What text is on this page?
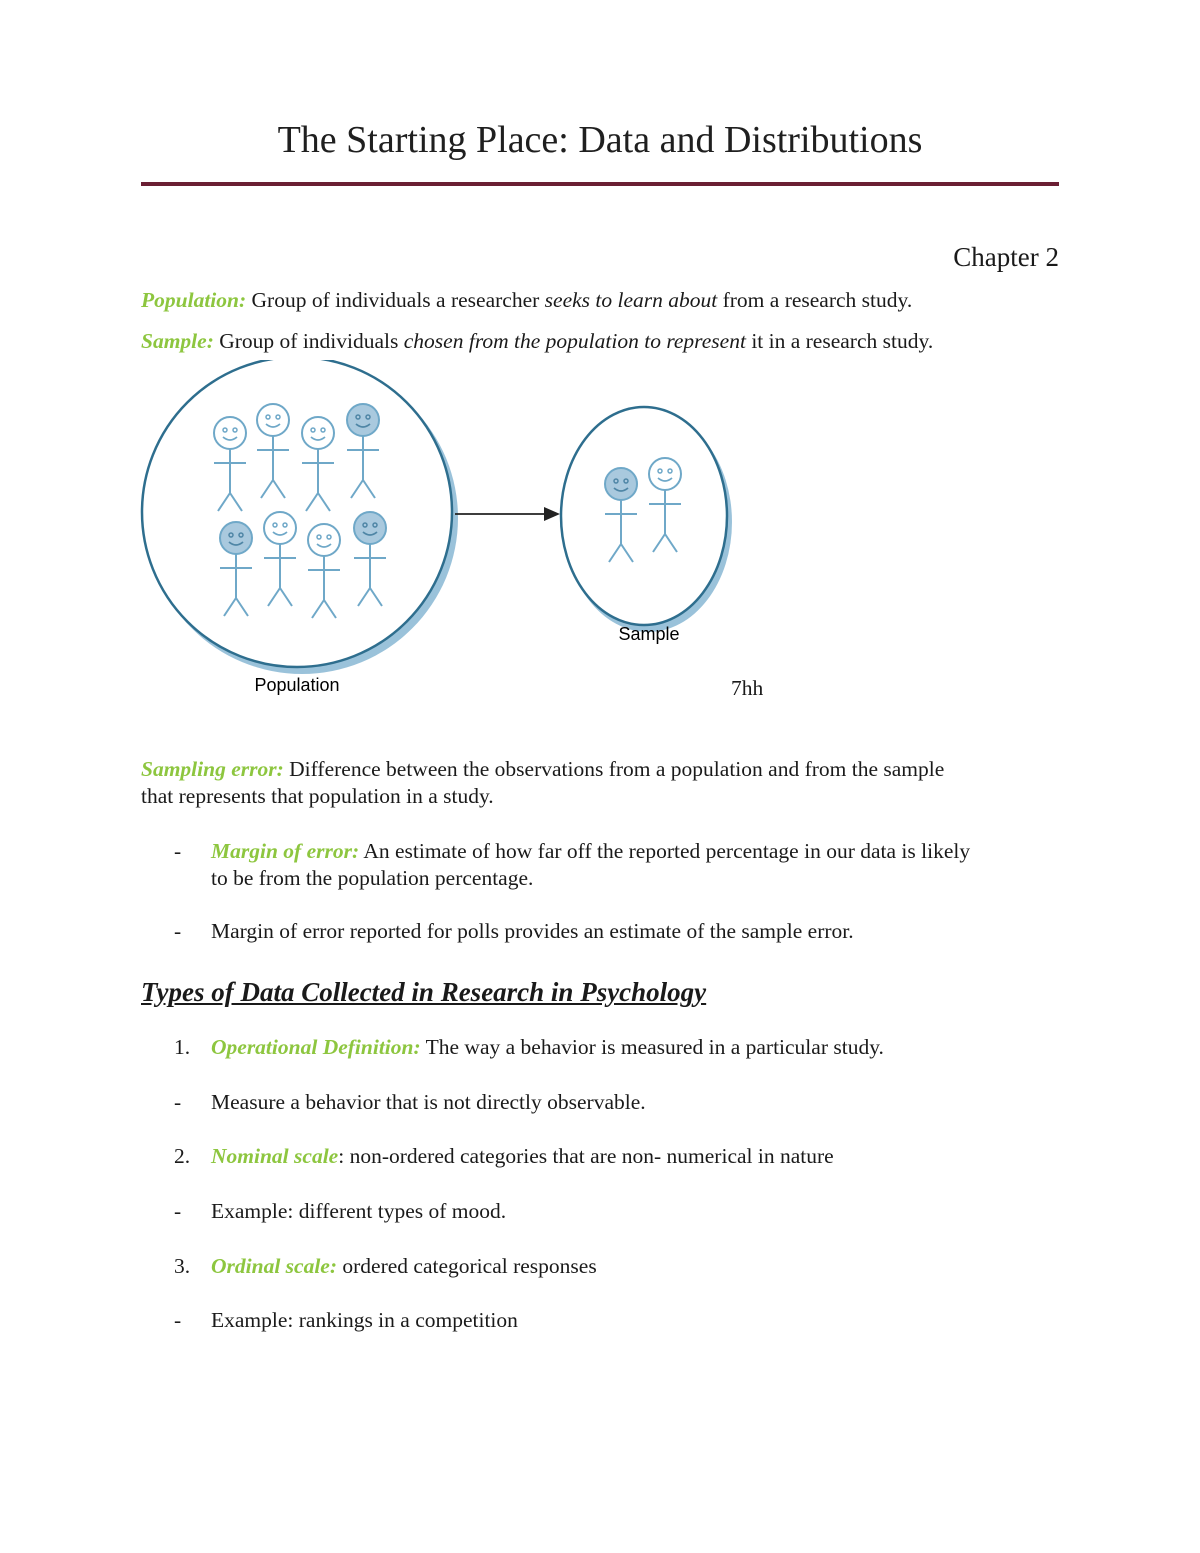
The Starting Place: Data and Distributions
Chapter 2
Population: Group of individuals a researcher seeks to learn about from a research study.
Sample: Group of individuals chosen from the population to represent it in a research study.
Population
Sample
7hh
Sampling error: Difference between the observations from a population and from the sample
that represents that population in a study.
- Margin of error: An estimate of how far off the reported percentage in our data is likely
to be from the population percentage.
- Margin of error reported for polls provides an estimate of the sample error.
Types of Data Collected in Research in Psychology
1. Operational Definition: The way a behavior is measured in a particular study.
- Measure a behavior that is not directly observable.
2. Nominal scale: non-ordered categories that are non- numerical in nature
- Example: different types of mood.
3. Ordinal scale: ordered categorical responses
- Example: rankings in a competition
